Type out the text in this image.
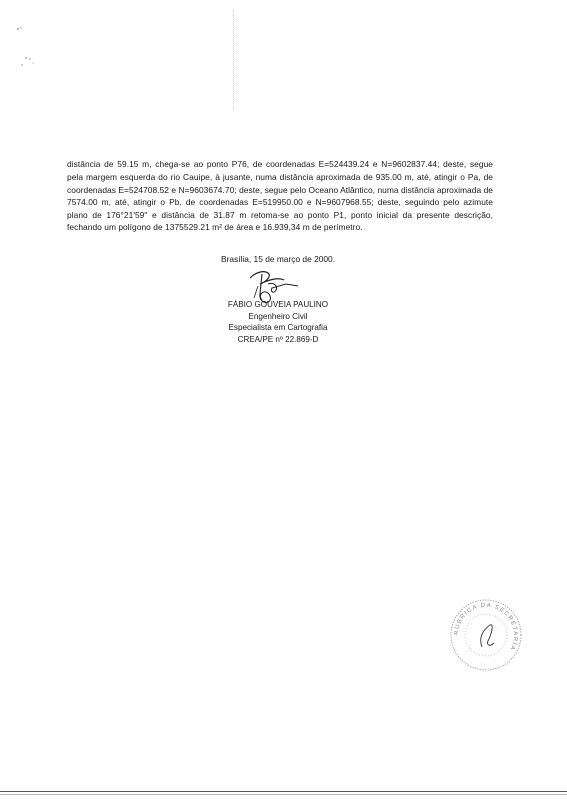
distância de 59.15 m, chega-se ao ponto P76, de coordenadas E=524439.24 e N=9602837.44; deste, segue pela margem esquerda do rio Cauipe, à jusante, numa distância aproximada de 935.00 m, até, atingir o Pa, de coordenadas E=524708.52 e N=9603674.70; deste, segue pelo Oceano Atlântico, numa distância aproximada de 7574.00 m, até, atingir o Pb, de coordenadas E=519950.00 e N=9607968.55; deste, seguindo pelo azimute plano de 176°21'59" e distância de 31.87 m retoma-se ao ponto P1, ponto inicial da presente descrição, fechando um polígono de 1375529.21 m² de área e 16.939,34 m de perímetro.

Brasília, 15 de março de 2000.
FÁBIO GOUVEIA PAULINO
Engenheiro Civil
Especialista em Cartografia
CREA/PE nº 22.869-D
RUBRICA DA SECRETARIA
